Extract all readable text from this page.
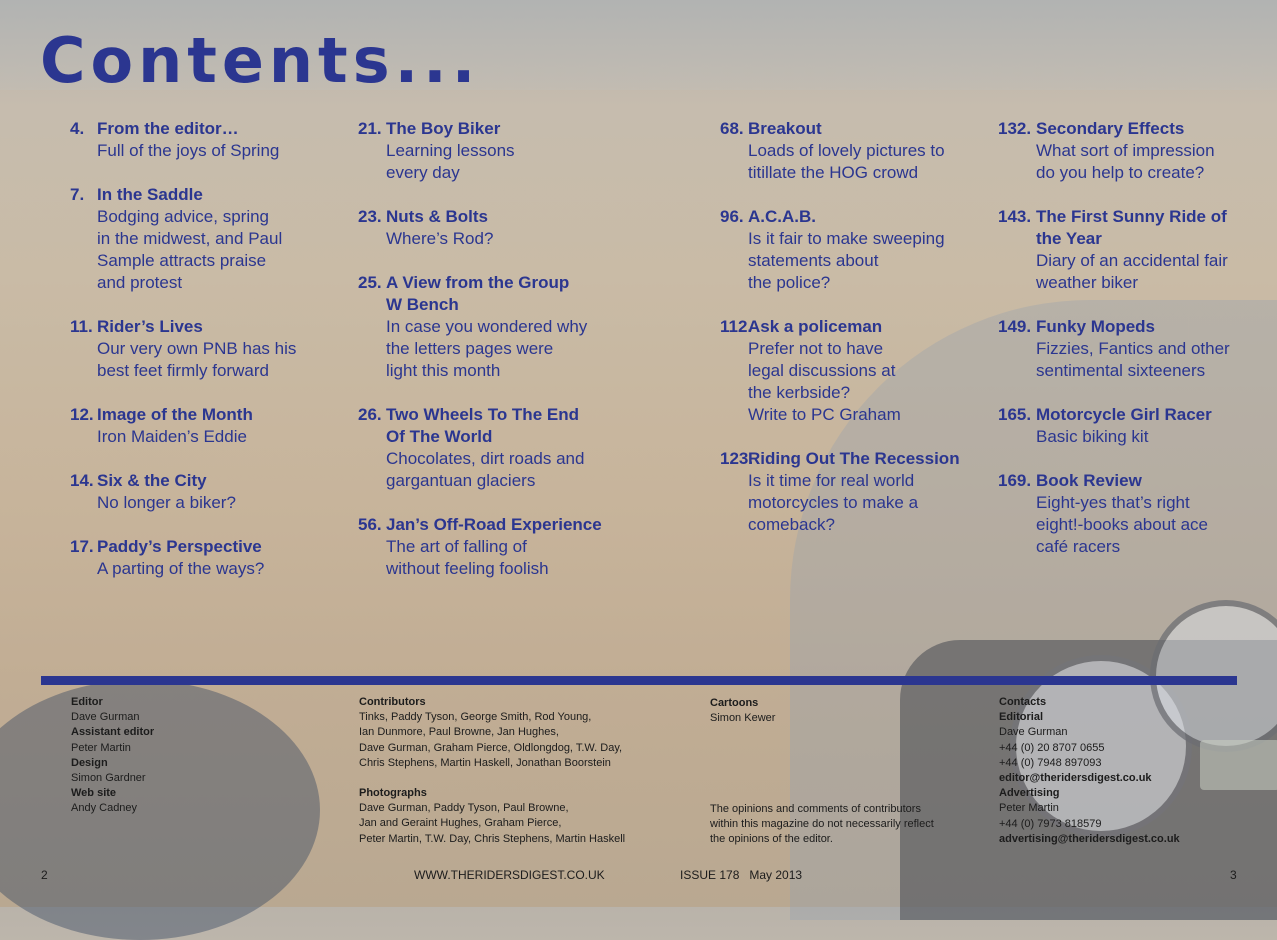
Contents...
4. From the editor…
Full of the joys of Spring
7. In the Saddle
Bodging advice, spring
in the midwest, and Paul
Sample attracts praise
and protest
11. Rider’s Lives
Our very own PNB has his
best feet firmly forward
12. Image of the Month
Iron Maiden’s Eddie
14. Six & the City
No longer a biker?
17. Paddy’s Perspective
A parting of the ways?
21. The Boy Biker
Learning lessons
every day
23. Nuts & Bolts
Where’s Rod?
25. A View from the Group
W Bench
In case you wondered why
the letters pages were
light this month
26. Two Wheels To The End
Of The World
Chocolates, dirt roads and
gargantuan glaciers
56. Jan’s Off-Road Experience
The art of falling of
without feeling foolish
68. Breakout
Loads of lovely pictures to
titillate the HOG crowd
96. A.C.A.B.
Is it fair to make sweeping
statements about
the police?
112.
Ask a policeman
Prefer not to have
legal discussions at
the kerbside?
Write to PC Graham
123.
Riding Out The Recession
Is it time for real world
motorcycles to make a
comeback?
132. Secondary Effects
What sort of impression
do you help to create?
143. The First Sunny Ride of
the Year
Diary of an accidental fair
weather biker
149. Funky Mopeds
Fizzies, Fantics and other
sentimental sixteeners
165. Motorcycle Girl Racer
Basic biking kit
169. Book Review
Eight-yes that’s right
eight!-books about ace
café racers
Editor
Dave Gurman
Assistant editor
Peter Martin
Design
Simon Gardner
Web site
Andy Cadney
Contributors
Tinks, Paddy Tyson, George Smith, Rod Young,
Ian Dunmore, Paul Browne, Jan Hughes,
Dave Gurman, Graham Pierce, Oldlongdog, T.W. Day,
Chris Stephens, Martin Haskell, Jonathan Boorstein
Photographs
Dave Gurman, Paddy Tyson, Paul Browne,
Jan and Geraint Hughes, Graham Pierce,
Peter Martin, T.W. Day, Chris Stephens, Martin Haskell
Cartoons
Simon Kewer
The opinions and comments of contributors
within this magazine do not necessarily reflect
the opinions of the editor.
Contacts
Editorial
Dave Gurman
+44 (0) 20 8707 0655
+44 (0) 7948 897093
editor@theridersdigest.co.uk
Advertising
Peter Martin
+44 (0) 7973 818579
advertising@theridersdigest.co.uk
2	WWW.THERIDERSDIGEST.CO.UK	ISSUE 178   May 2013	3
